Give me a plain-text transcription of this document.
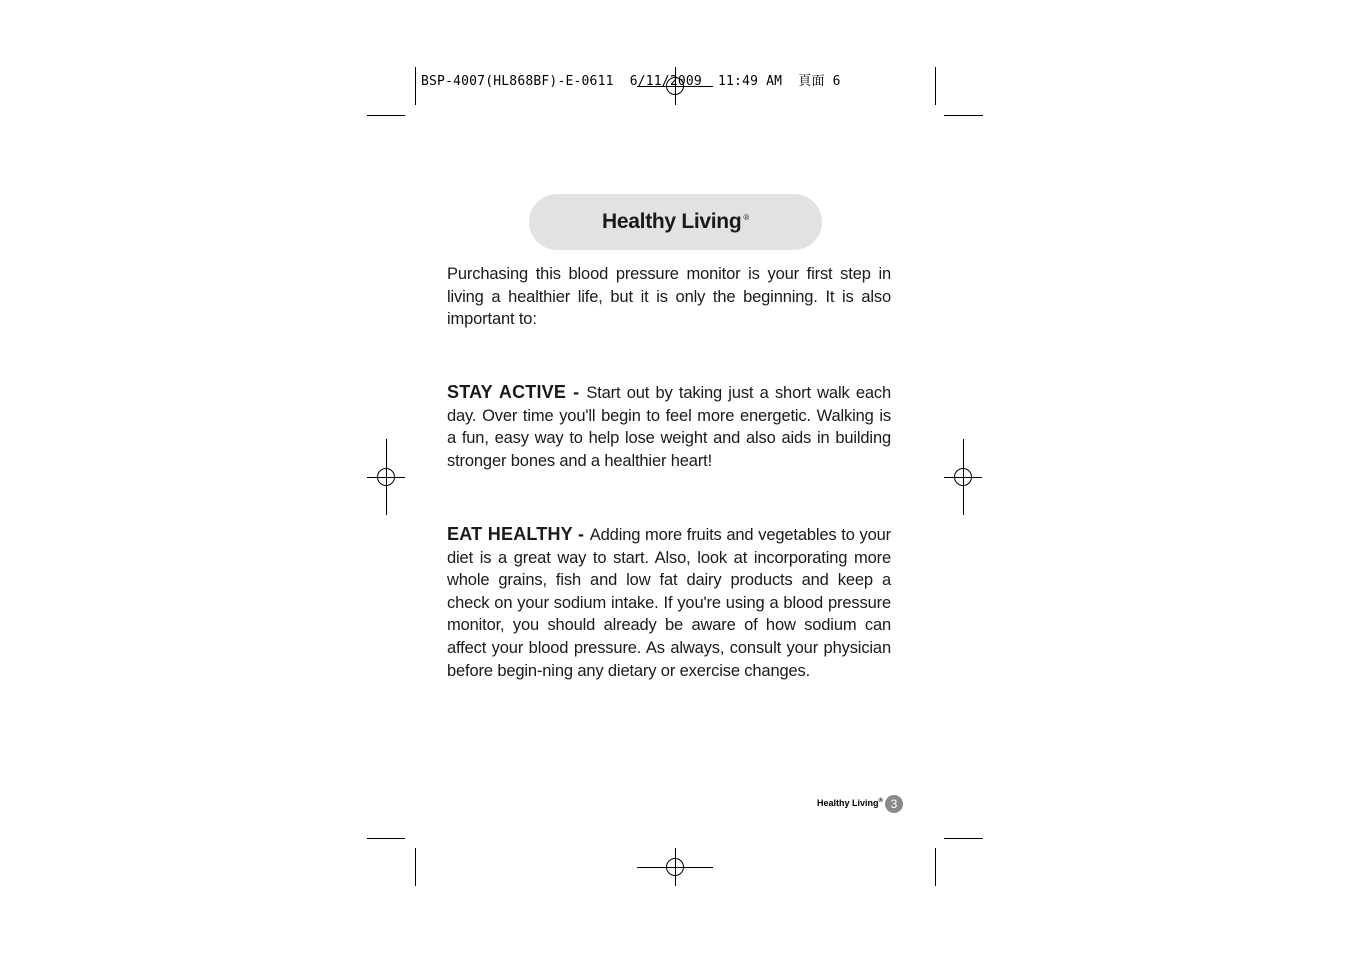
BSP-4007(HL868BF)-E-0611  6/11/2009  11:49 AM  頁面 6
Healthy Living ®
Purchasing this blood pressure monitor is your first step in living a healthier life, but it is only the beginning. It is also important to:
STAY ACTIVE - Start out by taking just a short walk each day. Over time you'll begin to feel more energetic. Walking is a fun, easy way to help lose weight and also aids in building stronger bones and a healthier heart!
EAT HEALTHY - Adding more fruits and vegetables to your diet is a great way to start. Also, look at incorporating more whole grains, fish and low fat dairy products and keep a check on your sodium intake. If you're using a blood pressure monitor, you should already be aware of how sodium can affect your blood pressure. As always, consult your physician before begin-ning any dietary or exercise changes.
Healthy Living® 3
